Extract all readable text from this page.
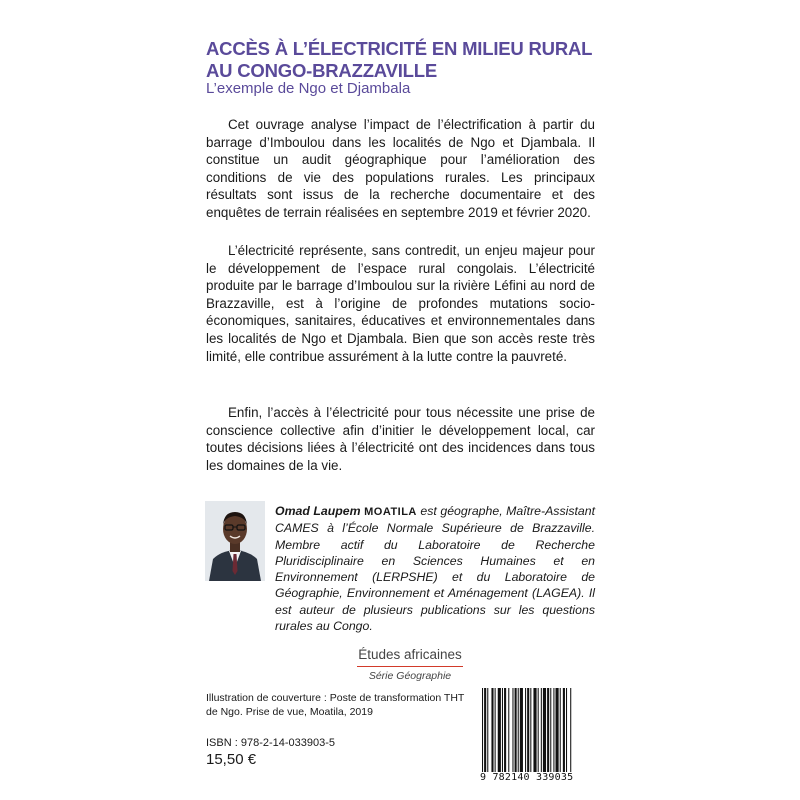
ACCÈS À L’ÉLECTRICITÉ EN MILIEU RURAL
AU CONGO-BRAZZAVILLE
L’exemple de Ngo et Djambala

Cet ouvrage analyse l’impact de l’électrification à partir du barrage d’Imboulou dans les localités de Ngo et Djambala. Il constitue un audit géographique pour l’amélioration des conditions de vie des populations rurales. Les principaux résultats sont issus de la recherche documentaire et des enquêtes de terrain réalisées en septembre 2019 et février 2020.

L’électricité représente, sans contredit, un enjeu majeur pour le développement de l’espace rural congolais. L’électricité produite par le barrage d’Imboulou sur la rivière Léfini au nord de Brazzaville, est à l’origine de profondes mutations socio-économiques, sanitaires, éducatives et environnementales dans les localités de Ngo et Djambala. Bien que son accès reste très limité, elle contribue assurément à la lutte contre la pauvreté.

Enfin, l’accès à l’électricité pour tous nécessite une prise de conscience collective afin d’initier le développement local, car toutes décisions liées à l’électricité ont des incidences dans tous les domaines de la vie.

Omad Laupem MOATILA est géographe, Maître-Assistant CAMES à l’École Normale Supérieure de Brazzaville. Membre actif du Laboratoire de Recherche Pluridisciplinaire en Sciences Humaines et en Environnement (LERPSHE) et du Laboratoire de Géographie, Environnement et Aménagement (LAGEA). Il est auteur de plusieurs publications sur les questions rurales au Congo.
Études africaines
Série Géographie
Illustration de couverture : Poste de transformation THT de Ngo. Prise de vue, Moatila, 2019
ISBN : 978-2-14-033903-5
15,50 €
9 782140 339035
